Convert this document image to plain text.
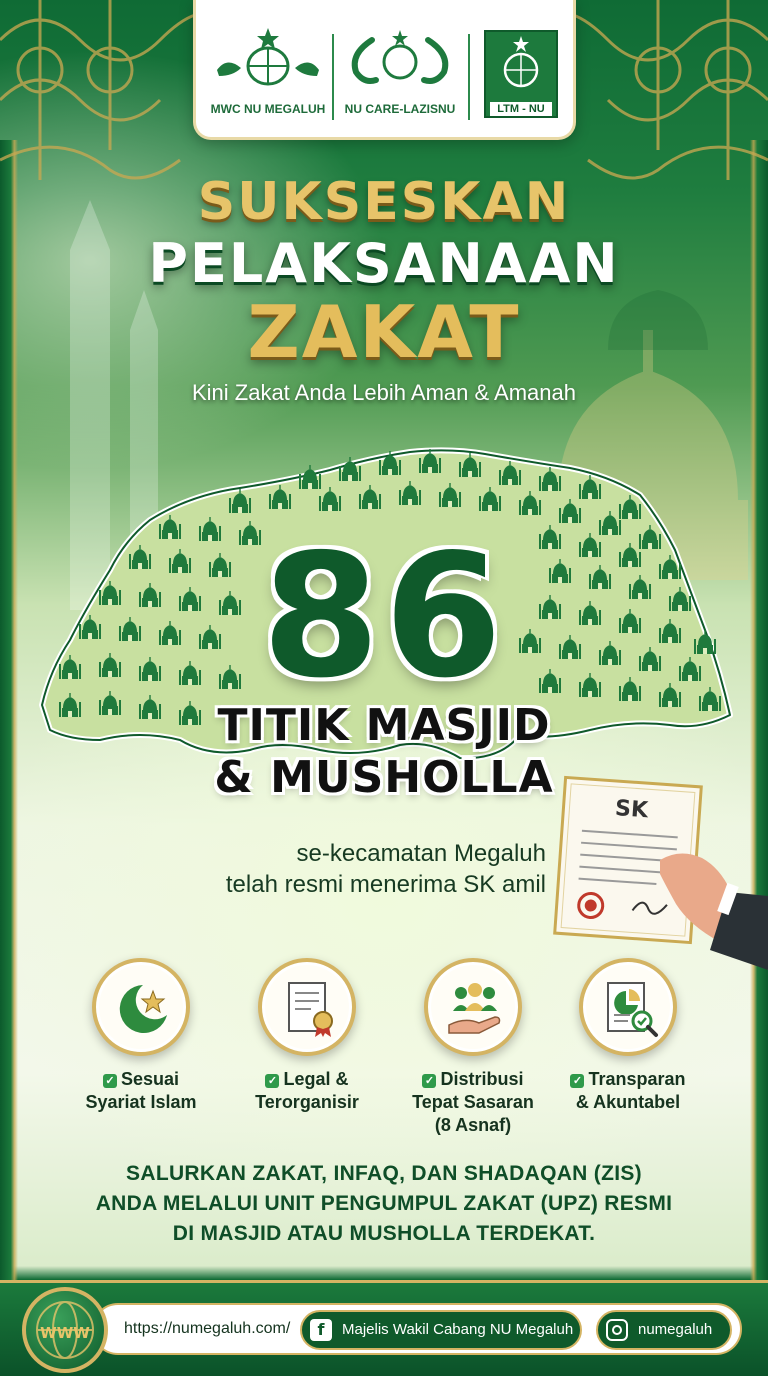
MWC NU MEGALUH	NU CARE-LAZISNU	LTM - NU
SUKSESKAN
PELAKSANAAN
ZAKAT
Kini Zakat Anda Lebih Aman & Amanah
86
TITIK MASJID
& MUSHOLLA
se-kecamatan Megaluh
telah resmi menerima SK amil
SK
✓ Sesuai
Syariat Islam
✓ Legal &
Terorganisir
✓ Distribusi
Tepat Sasaran
(8 Asnaf)
✓ Transparan
& Akuntabel
SALURKAN ZAKAT, INFAQ, DAN SHADAQAN (ZIS)
ANDA MELALUI UNIT PENGUMPUL ZAKAT (UPZ) RESMI
DI MASJID ATAU MUSHOLLA TERDEKAT.
https://numegaluh.com/	f	Majelis Wakil Cabang NU Megaluh	numegaluh
WWW
